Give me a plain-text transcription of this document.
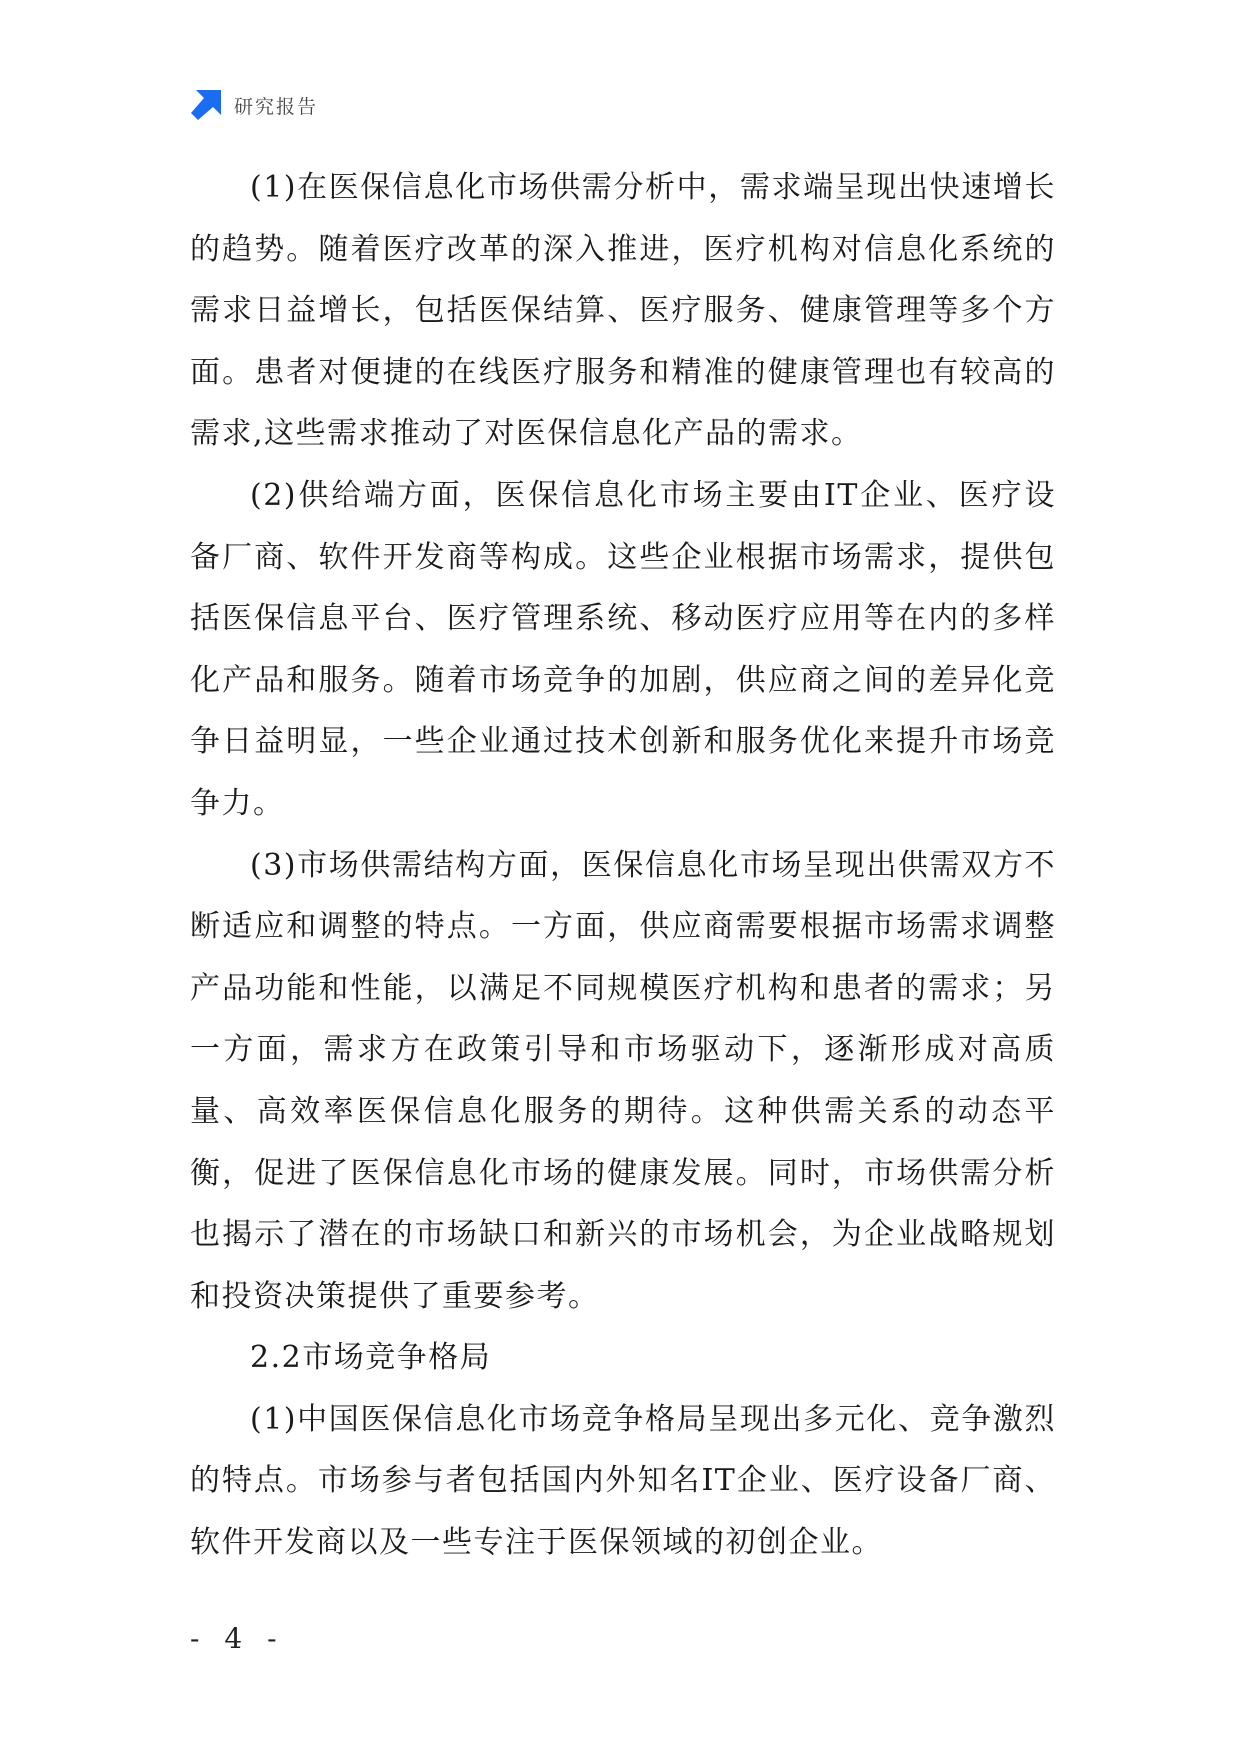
研究报告

(1)在医保信息化市场供需分析中，需求端呈现出快速增长的趋势。随着医疗改革的深入推进，医疗机构对信息化系统的需求日益增长，包括医保结算、医疗服务、健康管理等多个方面。患者对便捷的在线医疗服务和精准的健康管理也有较高的需求,这些需求推动了对医保信息化产品的需求。

(2)供给端方面，医保信息化市场主要由IT企业、医疗设备厂商、软件开发商等构成。这些企业根据市场需求，提供包括医保信息平台、医疗管理系统、移动医疗应用等在内的多样化产品和服务。随着市场竞争的加剧，供应商之间的差异化竞争日益明显，一些企业通过技术创新和服务优化来提升市场竞争力。

(3)市场供需结构方面，医保信息化市场呈现出供需双方不断适应和调整的特点。一方面，供应商需要根据市场需求调整产品功能和性能，以满足不同规模医疗机构和患者的需求；另一方面，需求方在政策引导和市场驱动下，逐渐形成对高质量、高效率医保信息化服务的期待。这种供需关系的动态平衡，促进了医保信息化市场的健康发展。同时，市场供需分析也揭示了潜在的市场缺口和新兴的市场机会，为企业战略规划和投资决策提供了重要参考。

2.2市场竞争格局

(1)中国医保信息化市场竞争格局呈现出多元化、竞争激烈的特点。市场参与者包括国内外知名IT企业、医疗设备厂商、软件开发商以及一些专注于医保领域的初创企业。

- 4 -
